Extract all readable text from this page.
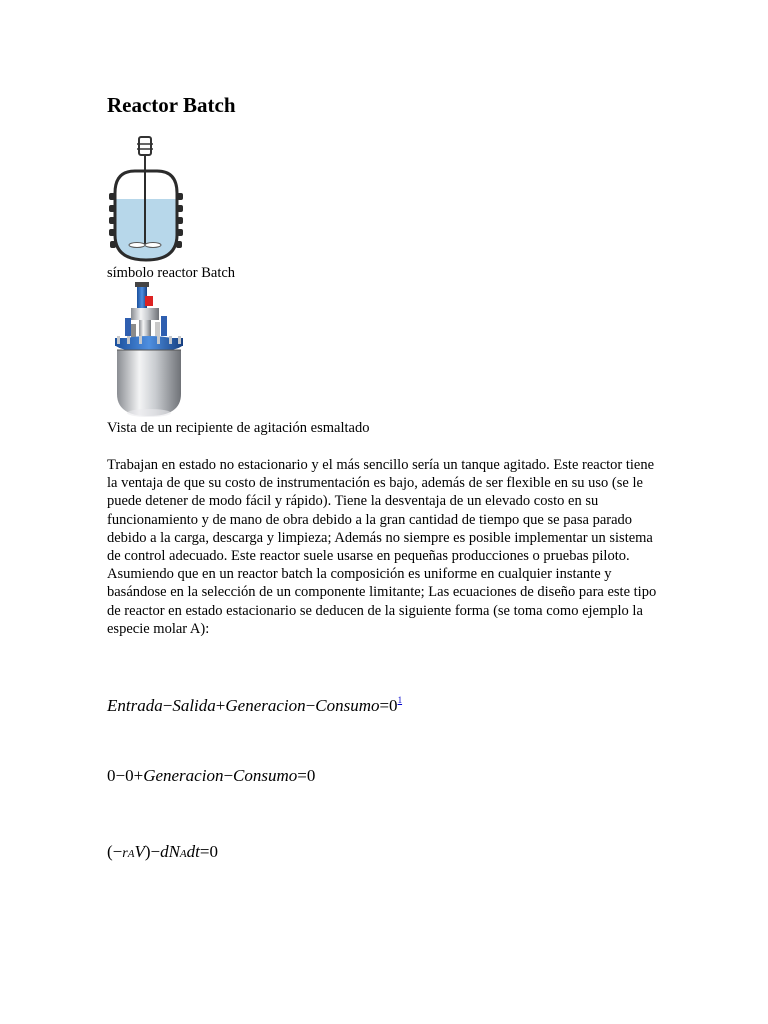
Reactor Batch
símbolo reactor Batch
Vista de un recipiente de agitación esmaltado

Trabajan en estado no estacionario y el más sencillo sería un tanque agitado. Este reactor tiene la ventaja de que su costo de instrumentación es bajo, además de ser flexible en su uso (se le puede detener de modo fácil y rápido). Tiene la desventaja de un elevado costo en su funcionamiento y de mano de obra debido a la gran cantidad de tiempo que se pasa parado debido a la carga, descarga y limpieza; Además no siempre es posible implementar un sistema de control adecuado. Este reactor suele usarse en pequeñas producciones o pruebas piloto. Asumiendo que en un reactor batch la composición es uniforme en cualquier instante y basándose en la selección de un componente limitante; Las ecuaciones de diseño para este tipo de reactor en estado estacionario se deducen de la siguiente forma (se toma como ejemplo la especie molar A):

$Entrada-Salida+Generacion-Consumo=0^1$
0−0+Generacion−Consumo=0
(−rAV)−dNAdt=0
